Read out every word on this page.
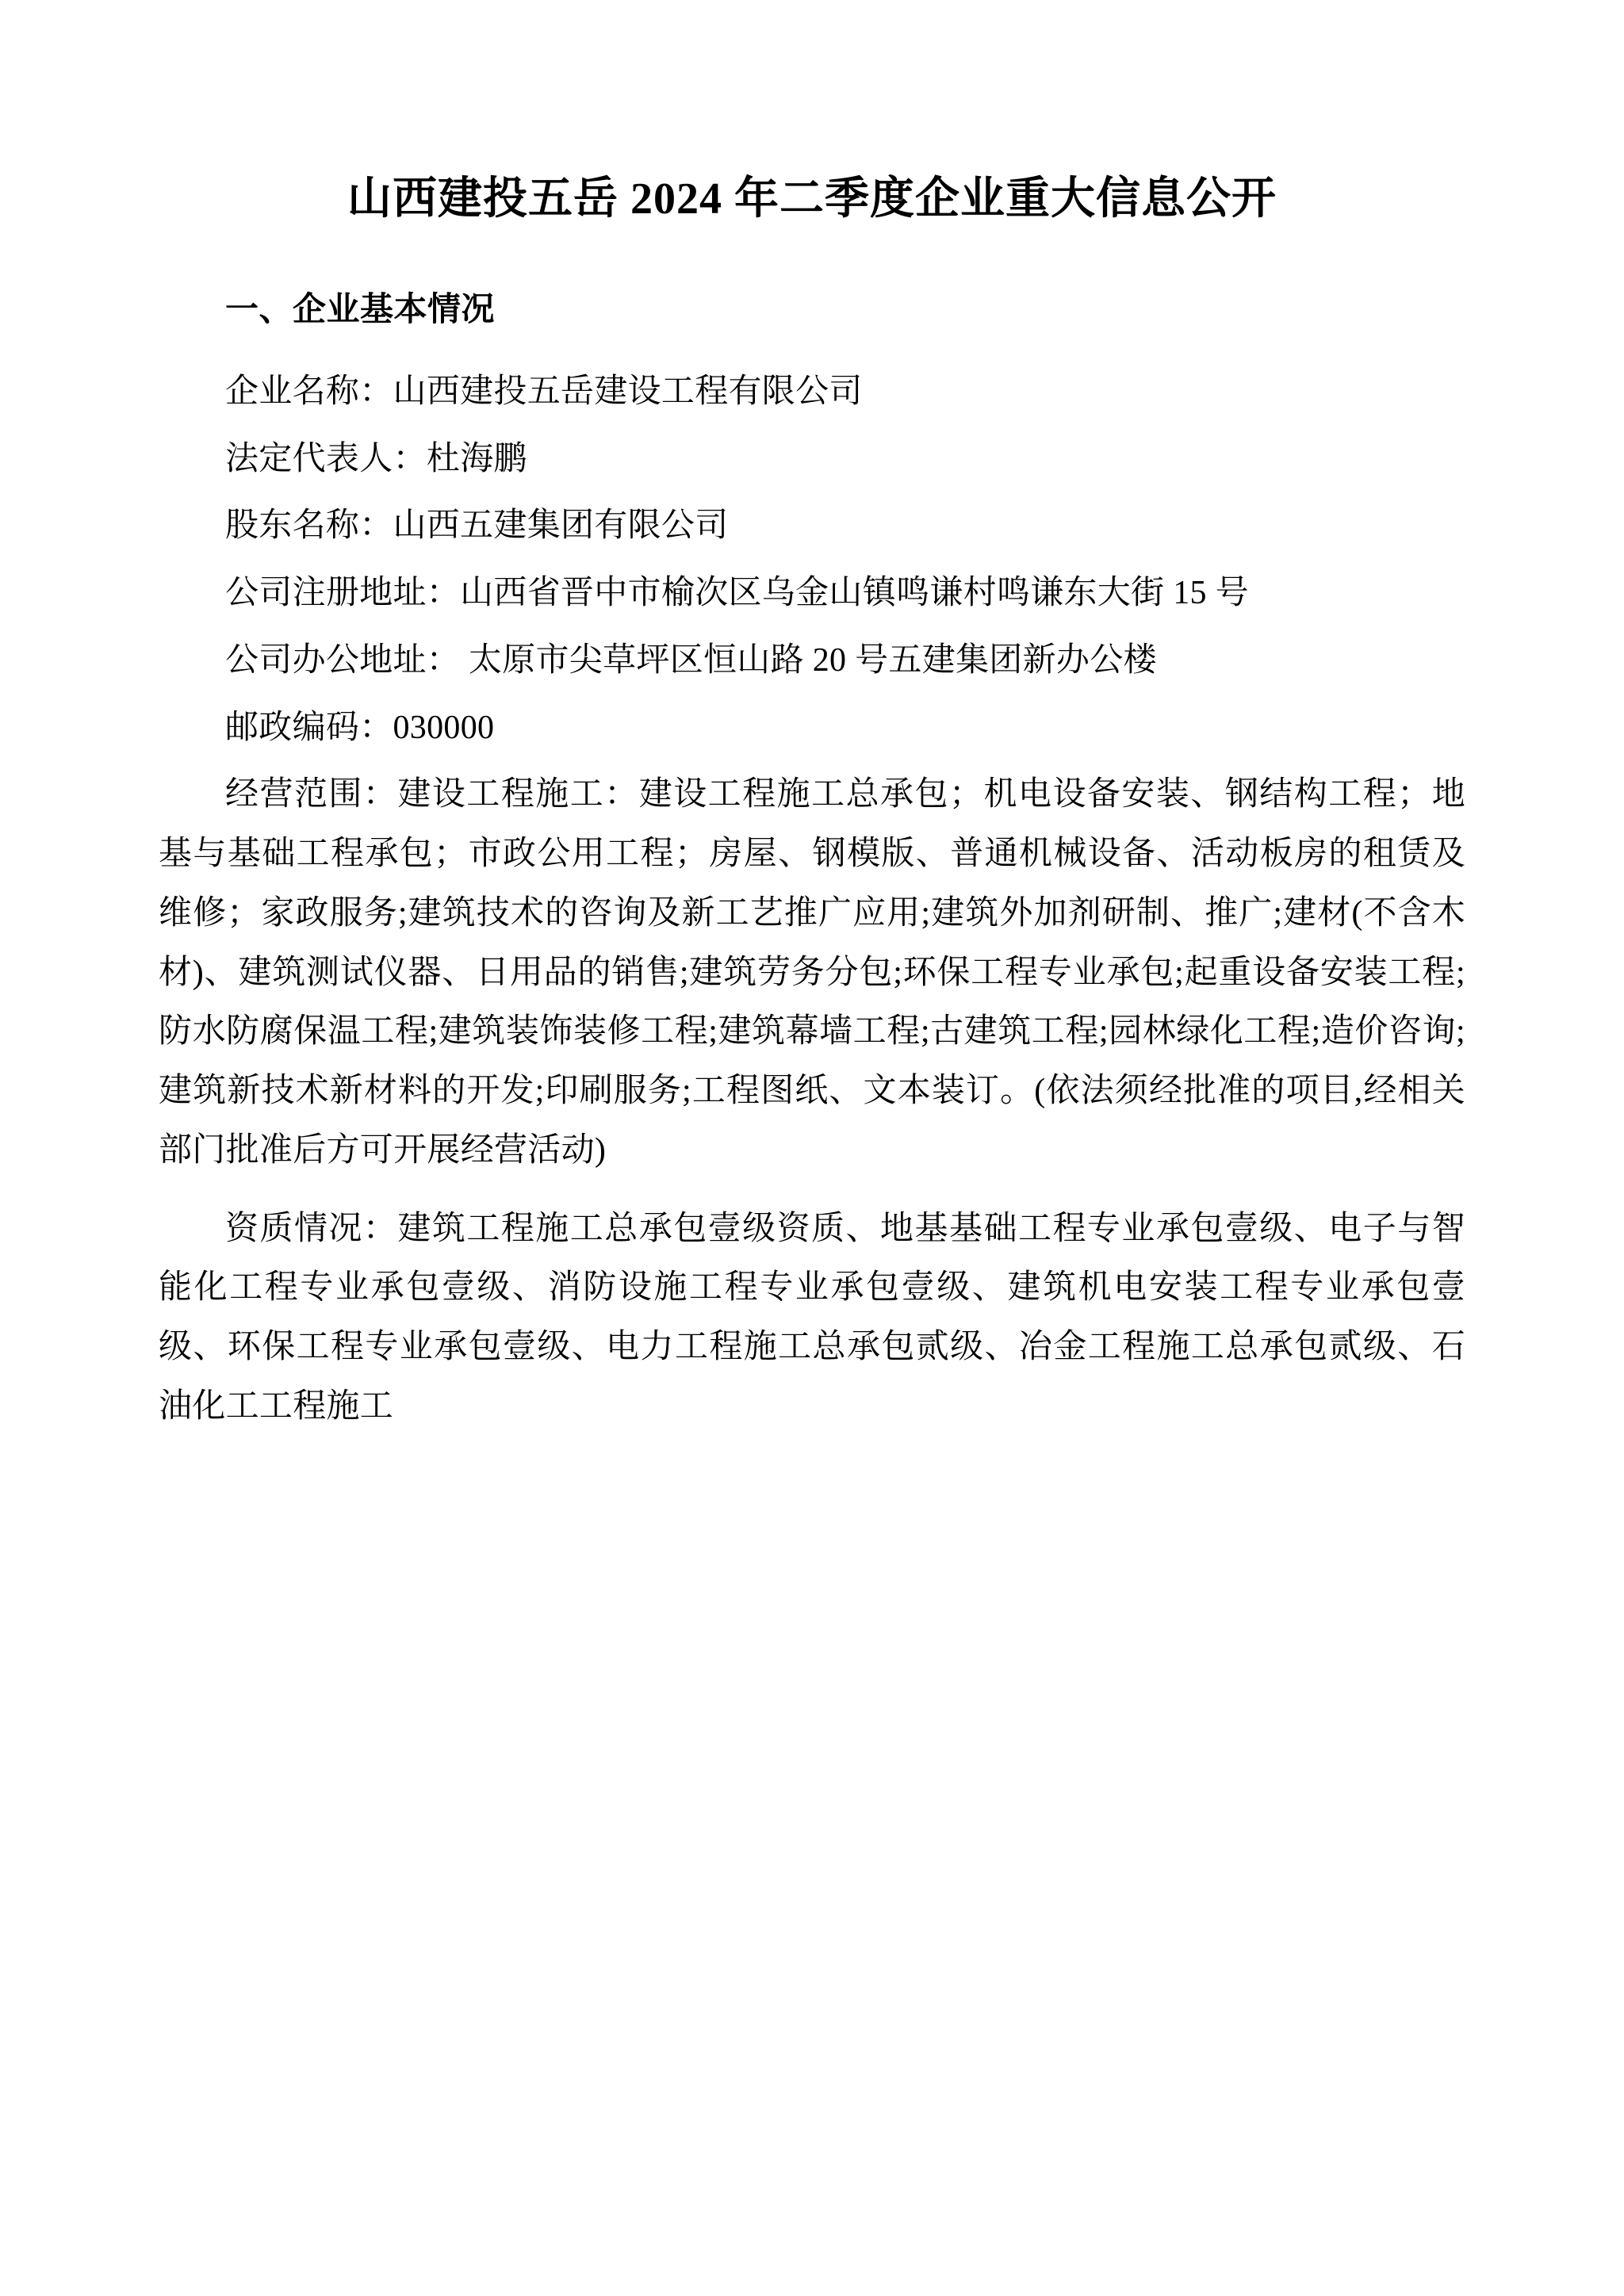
山西建投五岳 2024 年二季度企业重大信息公开
一、企业基本情况

企业名称：山西建投五岳建设工程有限公司

法定代表人：杜海鹏

股东名称：山西五建集团有限公司

公司注册地址：山西省晋中市榆次区乌金山镇鸣谦村鸣谦东大街 15 号

公司办公地址： 太原市尖草坪区恒山路 20 号五建集团新办公楼

邮政编码：030000

经营范围：建设工程施工：建设工程施工总承包；机电设备安装、钢结构工程；地基与基础工程承包；市政公用工程；房屋、钢模版、普通机械设备、活动板房的租赁及维修；家政服务;建筑技术的咨询及新工艺推广应用;建筑外加剂研制、推广;建材(不含木材)、建筑测试仪器、日用品的销售;建筑劳务分包;环保工程专业承包;起重设备安装工程;防水防腐保温工程;建筑装饰装修工程;建筑幕墙工程;古建筑工程;园林绿化工程;造价咨询;建筑新技术新材料的开发;印刷服务;工程图纸、文本装订。(依法须经批准的项目,经相关部门批准后方可开展经营活动)

资质情况：建筑工程施工总承包壹级资质、地基基础工程专业承包壹级、电子与智能化工程专业承包壹级、消防设施工程专业承包壹级、建筑机电安装工程专业承包壹级、环保工程专业承包壹级、电力工程施工总承包贰级、冶金工程施工总承包贰级、石油化工工程施工
